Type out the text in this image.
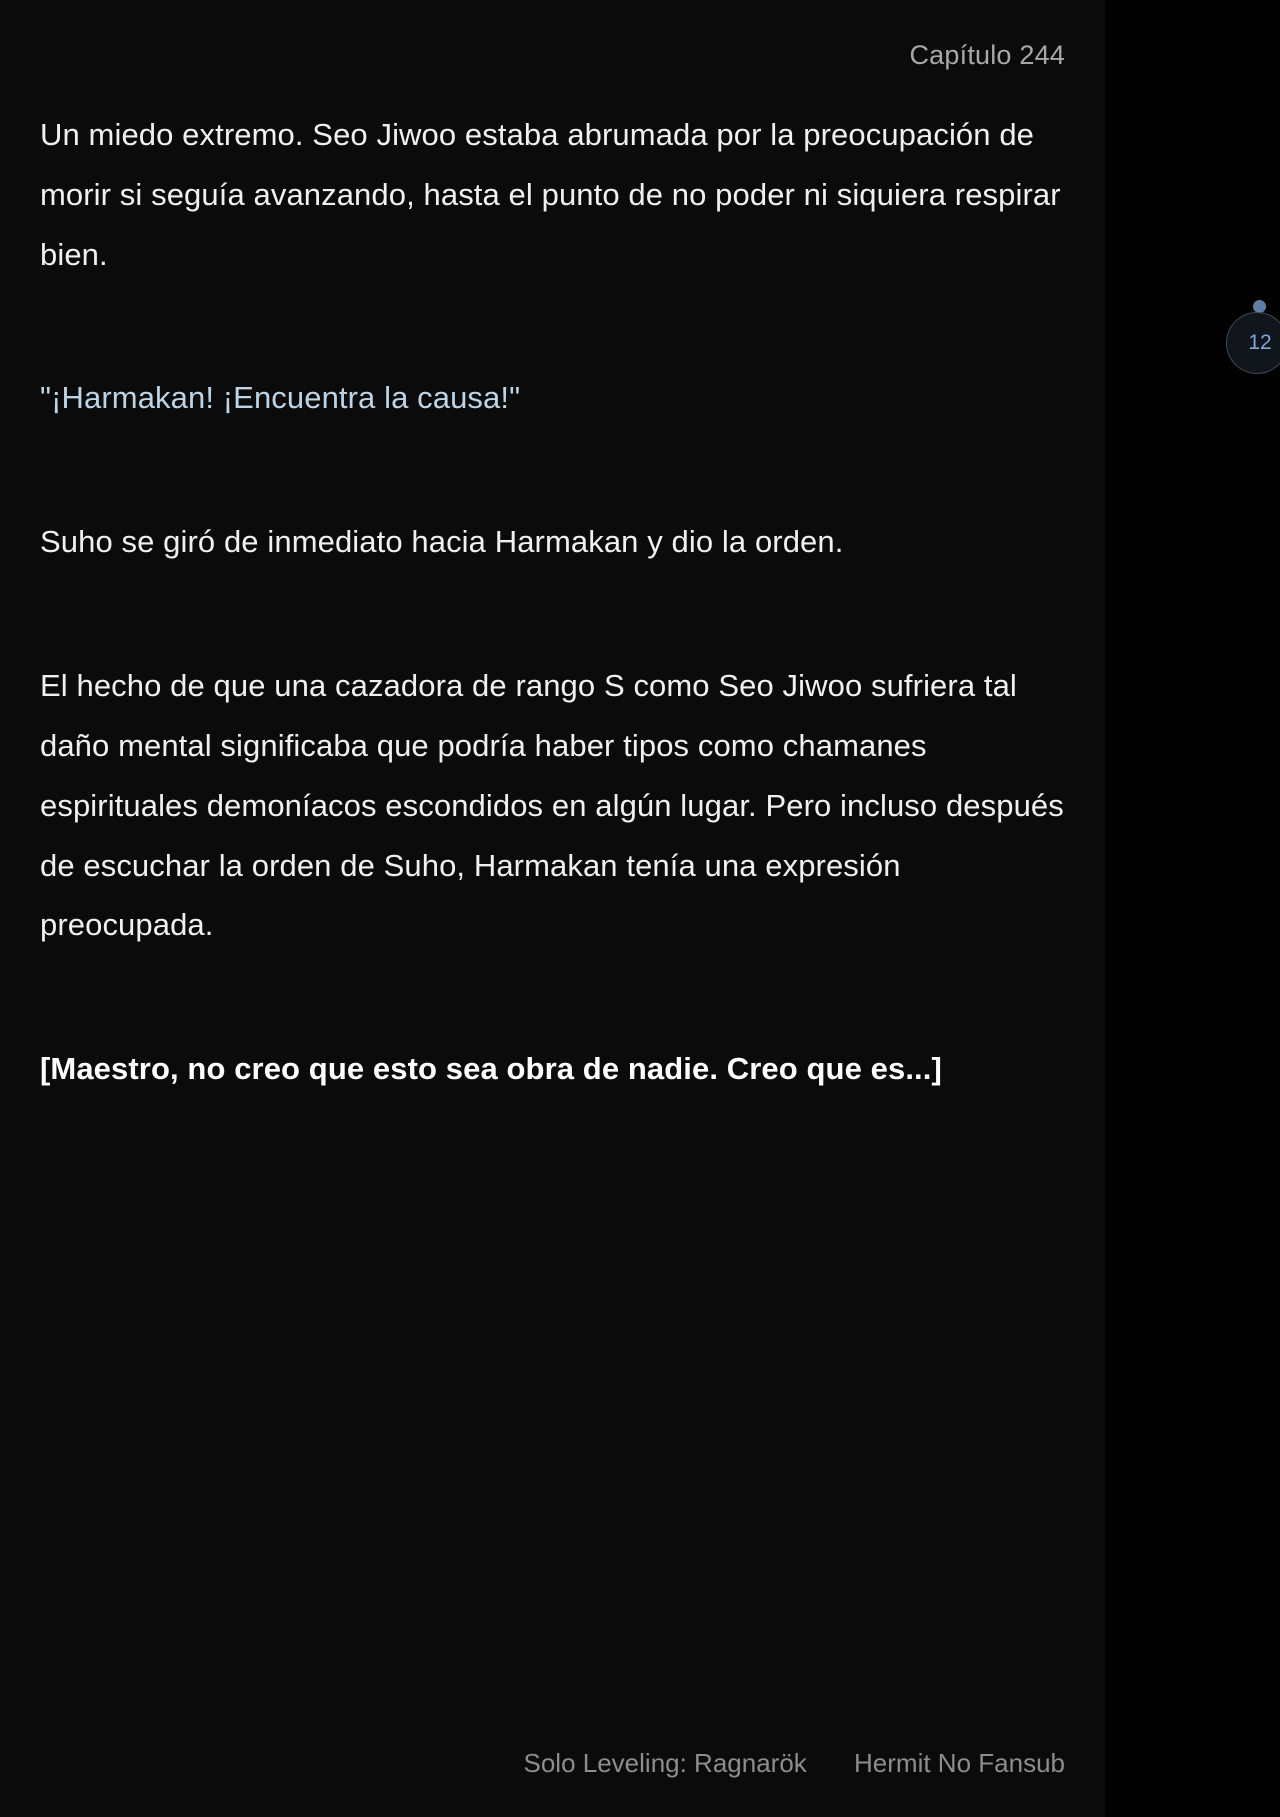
Capítulo 244

Un miedo extremo. Seo Jiwoo estaba abrumada por la preocupación de morir si seguía avanzando, hasta el punto de no poder ni siquiera respirar bien.

"¡Harmakan! ¡Encuentra la causa!"

Suho se giró de inmediato hacia Harmakan y dio la orden.

El hecho de que una cazadora de rango S como Seo Jiwoo sufriera tal daño mental significaba que podría haber tipos como chamanes espirituales demoníacos escondidos en algún lugar. Pero incluso después de escuchar la orden de Suho, Harmakan tenía una expresión preocupada.

[Maestro, no creo que esto sea obra de nadie. Creo que es...]

Solo Leveling: Ragnarök Hermit No Fansub
12
